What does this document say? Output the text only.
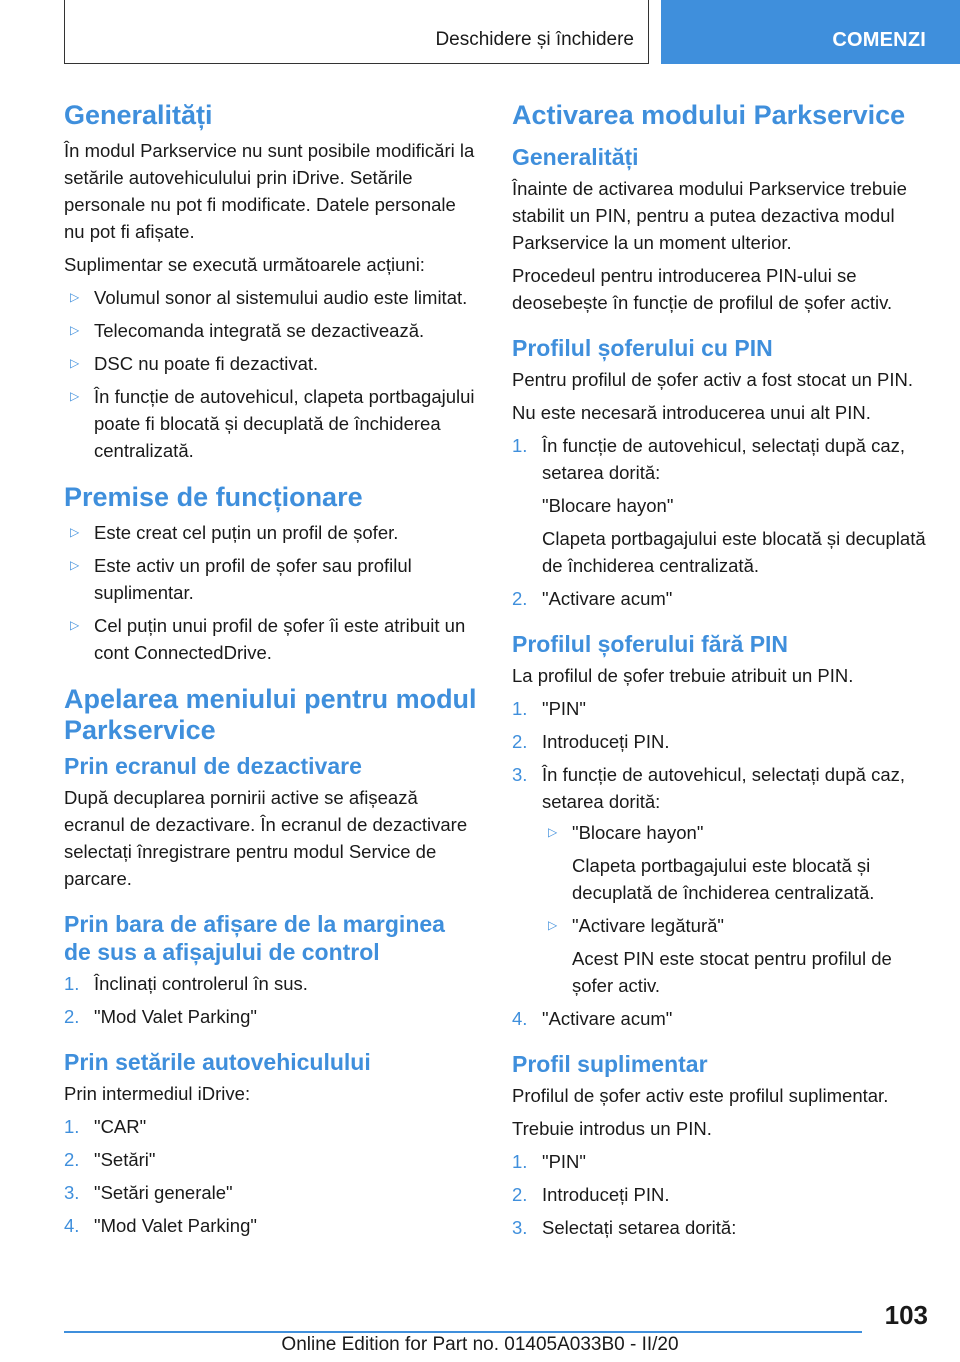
Deschidere și închidere	COMENZI
Generalități

În modul Parkservice nu sunt posibile modificări la setările autovehiculului prin iDrive. Setările personale nu pot fi modificate. Datele personale nu pot fi afișate.

Suplimentar se execută următoarele acțiuni:

▷ Volumul sonor al sistemului audio este limitat.
▷ Telecomanda integrată se dezactivează.
▷ DSC nu poate fi dezactivat.
▷ În funcție de autovehicul, clapeta portbagajului poate fi blocată și decuplată de închiderea centralizată.
Premise de funcționare
▷ Este creat cel puțin un profil de șofer.
▷ Este activ un profil de șofer sau profilul suplimentar.
▷ Cel puțin unui profil de șofer îi este atribuit un cont ConnectedDrive.
Apelarea meniului pentru modul Parkservice
Prin ecranul de dezactivare

După decuplarea pornirii active se afișează ecranul de dezactivare. În ecranul de dezactivare selectați înregistrare pentru modul Service de parcare.

Prin bara de afișare de la marginea de sus a afișajului de control
1. Înclinați controlerul în sus.
2. "Mod Valet Parking"
Prin setările autovehiculului

Prin intermediul iDrive:

1. "CAR"
2. "Setări"
3. "Setări generale"
4. "Mod Valet Parking"
Activarea modului Parkservice
Generalități

Înainte de activarea modului Parkservice trebuie stabilit un PIN, pentru a putea dezactiva modul Parkservice la un moment ulterior.

Procedeul pentru introducerea PIN-ului se deosebește în funcție de profilul de șofer activ.

Profilul șoferului cu PIN

Pentru profilul de șofer activ a fost stocat un PIN.

Nu este necesară introducerea unui alt PIN.

1. În funcție de autovehicul, selectați după caz, setarea dorită:
"Blocare hayon"
Clapeta portbagajului este blocată și decuplată de închiderea centralizată.
2. "Activare acum"
Profilul șoferului fără PIN

La profilul de șofer trebuie atribuit un PIN.

1. "PIN"
2. Introduceți PIN.
3. În funcție de autovehicul, selectați după caz, setarea dorită:
▷ "Blocare hayon"
Clapeta portbagajului este blocată și decuplată de închiderea centralizată.
▷ "Activare legătură"
Acest PIN este stocat pentru profilul de șofer activ.
4. "Activare acum"
Profil suplimentar

Profilul de șofer activ este profilul suplimentar.

Trebuie introdus un PIN.

1. "PIN"
2. Introduceți PIN.
3. Selectați setarea dorită:
103
Online Edition for Part no. 01405A033B0 - II/20
